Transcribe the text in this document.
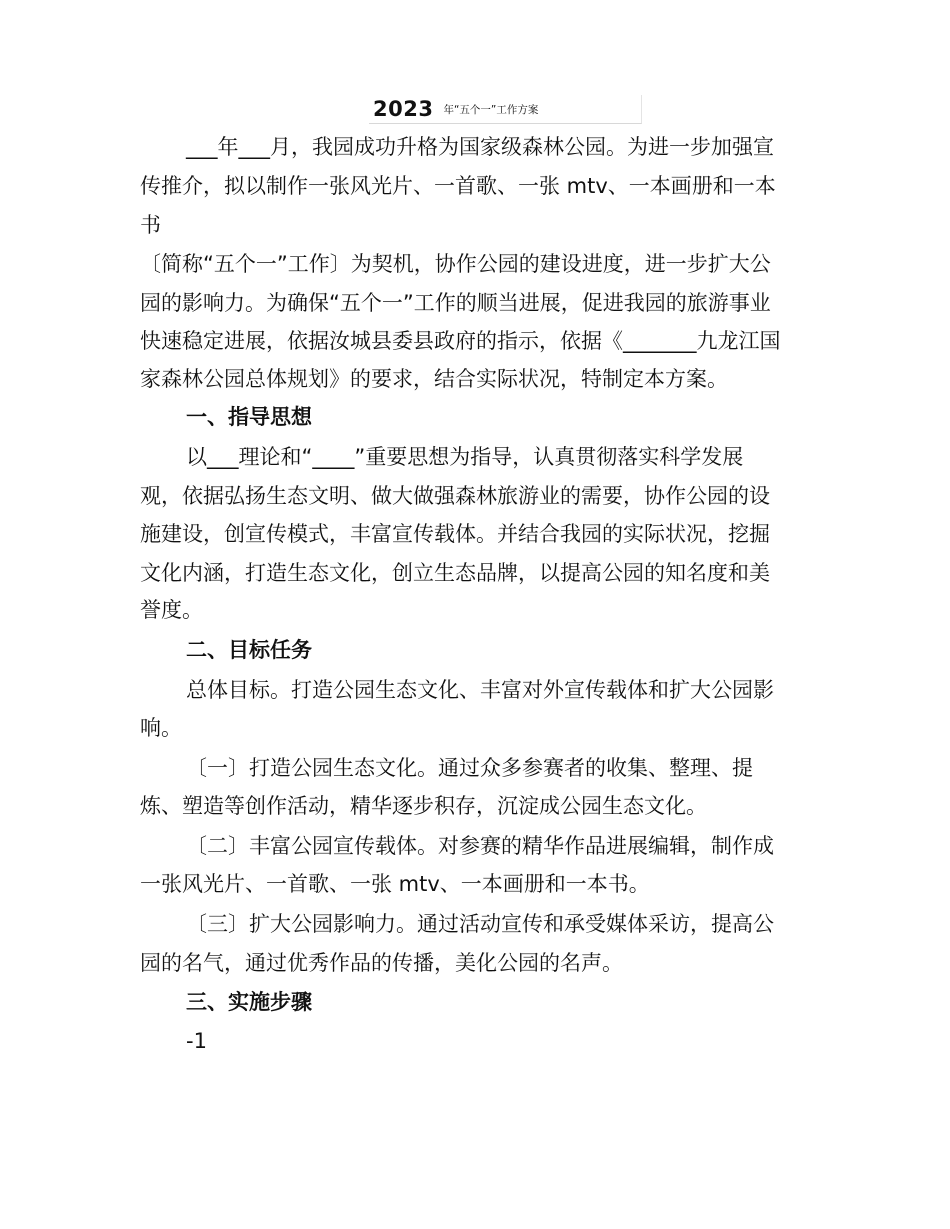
2023 年“五个一”工作方案
___年___月，我园成功升格为国家级森林公园。为进一步加强宣
传推介，拟以制作一张风光片、一首歌、一张 mtv、一本画册和一本
书
〔简称“五个一”工作〕为契机，协作公园的建设进度，进一步扩大公
园的影响力。为确保“五个一”工作的顺当进展，促进我园的旅游事业
快速稳定进展，依据汝城县委县政府的指示，依据《_______九龙江国
家森林公园总体规划》的要求，结合实际状况，特制定本方案。
一、指导思想
以___理论和“____”重要思想为指导，认真贯彻落实科学发展
观，依据弘扬生态文明、做大做强森林旅游业的需要，协作公园的设
施建设，创宣传模式，丰富宣传载体。并结合我园的实际状况，挖掘
文化内涵，打造生态文化，创立生态品牌，以提高公园的知名度和美
誉度。
二、目标任务
总体目标。打造公园生态文化、丰富对外宣传载体和扩大公园影
响。
〔一〕打造公园生态文化。通过众多参赛者的收集、整理、提
炼、塑造等创作活动，精华逐步积存，沉淀成公园生态文化。
〔二〕丰富公园宣传载体。对参赛的精华作品进展编辑，制作成
一张风光片、一首歌、一张 mtv、一本画册和一本书。
〔三〕扩大公园影响力。通过活动宣传和承受媒体采访，提高公
园的名气，通过优秀作品的传播，美化公园的名声。
三、实施步骤
-1
